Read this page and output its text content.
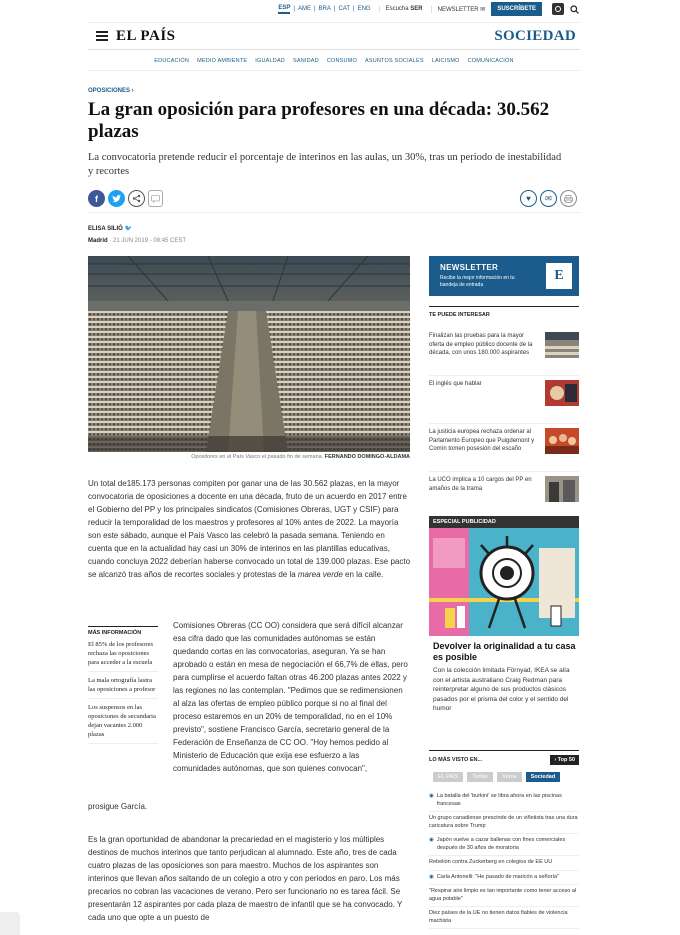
ESP | AME | BRA | CAT | ENG	Escucha SER	NEWSLETTER ✉	SUSCRÍBETE
EL PAÍS	SOCIEDAD
EDUCACIÓN MEDIO AMBIENTE IGUALDAD SANIDAD CONSUMO ASUNTOS SOCIALES LAICISMO COMUNICACIÓN
OPOSICIONES ›
La gran oposición para profesores en una década: 30.562 plazas
La convocatoria pretende reducir el porcentaje de interinos en las aulas, un 30%, tras un periodo de inestabilidad y recortes
f	♥	✉
ELISA SILIÓ 🐦
Madrid · 21 JUN 2019 - 08:45 CEST
Opositores en el País Vasco el pasado fin de semana. FERNANDO DOMINGO-ALDAMA

Un total de185.173 personas compiten por ganar una de las 30.562 plazas, en la mayor convocatoria de oposiciones a docente en una década, fruto de un acuerdo en 2017 entre el Gobierno del PP y los principales sindicatos (Comisiones Obreras, UGT y CSIF) para reducir la temporalidad de los maestros y profesores al 10% antes de 2022. La mayoría son este sábado, aunque el País Vasco las celebró la pasada semana. Teniendo en cuenta que en la actualidad hay casi un 30% de interinos en las plantillas educativas, cuando concluya 2022 deberían haberse convocado un total de 139.000 plazas. Ese pacto se alcanzó tras años de recortes sociales y protestas de la marea verde en la calle.

MÁS INFORMACIÓN
El 85% de los profesores rechaza las oposiciones para acceder a la escuela
La mala ortografía lastra las oposiciones a profesor
Los suspensos en las oposiciones de secundaria dejan vacantes 2.000 plazas

Comisiones Obreras (CC OO) considera que será difícil alcanzar esa cifra dado que las comunidades autónomas se están quedando cortas en las convocatorias, aseguran. Ya se han aprobado o están en mesa de negociación el 66,7% de ellas, pero para cumplirse el acuerdo faltan otras 46.200 plazas antes 2022 y las regiones no las contemplan. "Pedimos que se redimensionen al alza las ofertas de empleo público porque si no al final del proceso estaremos en un 20% de temporalidad, no en el 10% previsto", sostiene Francisco García, secretario general de la Federación de Enseñanza de CC OO. "Hoy hemos pedido al Ministerio de Educación que exija ese esfuerzo a las comunidades autónomas, que son quienes convocan",

prosigue García.

Es la gran oportunidad de abandonar la precariedad en el magisterio y los múltiples destinos de muchos interinos que tanto perjudican al alumnado. Este año, tres de cada cuatro plazas de las oposiciones son para maestro. Muchos de los aspirantes son interinos que llevan años saltando de un colegio a otro y con periodos en paro. Los más precarios no cobran las vacaciones de verano. Pero ser funcionario no es tarea fácil. Se presentarán 12 aspirantes por cada plaza de maestro de infantil que se ha convocado. Y cada uno que opte a un puesto de

NEWSLETTER
Recibe la mejor información en tu bandeja de entrada
E
TE PUEDE INTERESAR
Finalizan las pruebas para la mayor oferta de empleo público docente de la década, con unos 180.000 aspirantes
El inglés que hablar
La justicia europea rechaza ordenar al Parlamento Europeo que Puigdemont y Comín tomen posesión del escaño
La UCO implica a 10 cargos del PP en amaños de la trama
ESPECIAL PUBLICIDAD
Devolver la originalidad a tu casa es posible
Con la colección limitada Förnyad, IKEA se alía con el artista australiano Craig Redman para reinterpretar alguno de sus productos clásicos pasados por el prisma del color y el sentido del humor
LO MÁS VISTO EN...	› Top 50
EL PAÍS	Twitter	Verne	Sociedad
◉ La batalla del 'burkini' se libra ahora en las piscinas francesas
Un grupo canadiense prescinde de un viñetista tras una dura caricatura sobre Trump
◉ Japón vuelve a cazar ballenas con fines comerciales después de 30 años de moratoria
Rebelión contra Zuckerberg en colegios de EE UU
◉ Carla Antonelli: "He pasado de maricón a señoría"
"Respirar aire limpio es tan importante como tener acceso al agua potable"
Diez países de la UE no tienen datos fiables de violencia machista
